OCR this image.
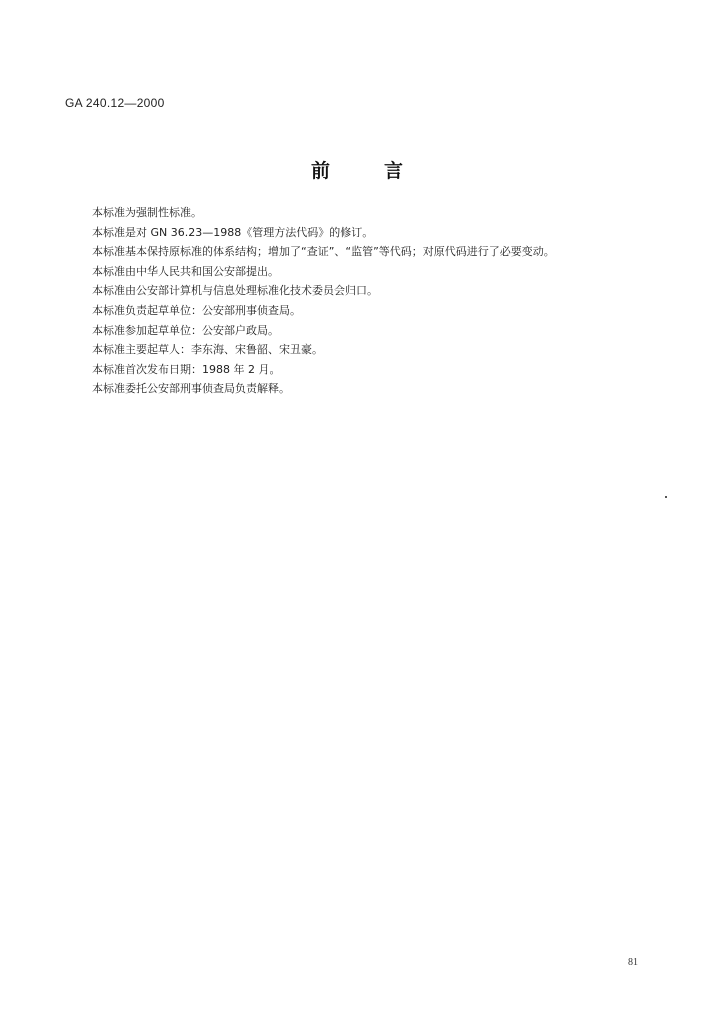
GA 240.12—2000
前	言
本标准为强制性标准。
本标准是对 GN 36.23—1988《管理方法代码》的修订。
本标准基本保持原标准的体系结构；增加了“查证”、“监管”等代码；对原代码进行了必要变动。
本标准由中华人民共和国公安部提出。
本标准由公安部计算机与信息处理标准化技术委员会归口。
本标准负责起草单位：公安部刑事侦查局。
本标准参加起草单位：公安部户政局。
本标准主要起草人：李东海、宋鲁韶、宋丑豪。
本标准首次发布日期：1988 年 2 月。
本标准委托公安部刑事侦查局负责解释。
81
